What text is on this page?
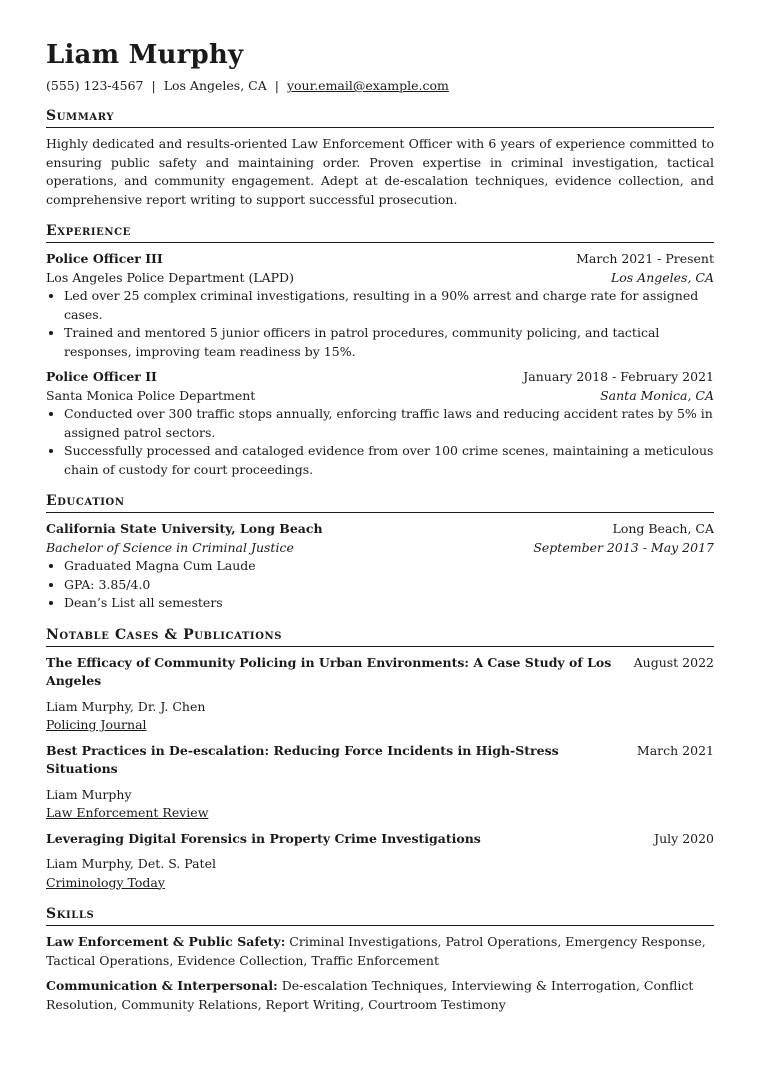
Liam Murphy
(555) 123-4567 | Los Angeles, CA | your.email@example.com
Summary
Highly dedicated and results-oriented Law Enforcement Officer with 6 years of experience committed to ensuring public safety and maintaining order. Proven expertise in criminal investigation, tactical operations, and community engagement. Adept at de-escalation techniques, evidence collection, and comprehensive report writing to support successful prosecution.
Experience
Police Officer III	March 2021 - Present
Los Angeles Police Department (LAPD)	Los Angeles, CA
• Led over 25 complex criminal investigations, resulting in a 90% arrest and charge rate for assigned cases.
• Trained and mentored 5 junior officers in patrol procedures, community policing, and tactical responses, improving team readiness by 15%.
Police Officer II	January 2018 - February 2021
Santa Monica Police Department	Santa Monica, CA
• Conducted over 300 traffic stops annually, enforcing traffic laws and reducing accident rates by 5% in assigned patrol sectors.
• Successfully processed and cataloged evidence from over 100 crime scenes, maintaining a meticulous chain of custody for court proceedings.
Education
California State University, Long Beach	Long Beach, CA
Bachelor of Science in Criminal Justice	September 2013 - May 2017
• Graduated Magna Cum Laude
• GPA: 3.85/4.0
• Dean’s List all semesters
Notable Cases & Publications
The Efficacy of Community Policing in Urban Environments: A Case Study of Los Angeles
August 2022
Liam Murphy, Dr. J. Chen
Policing Journal
Best Practices in De-escalation: Reducing Force Incidents in High-Stress Situations
March 2021
Liam Murphy
Law Enforcement Review
Leveraging Digital Forensics in Property Crime Investigations	July 2020
Liam Murphy, Det. S. Patel
Criminology Today
Skills
Law Enforcement & Public Safety: Criminal Investigations, Patrol Operations, Emergency Response, Tactical Operations, Evidence Collection, Traffic Enforcement
Communication & Interpersonal: De-escalation Techniques, Interviewing & Interrogation, Conflict Resolution, Community Relations, Report Writing, Courtroom Testimony
